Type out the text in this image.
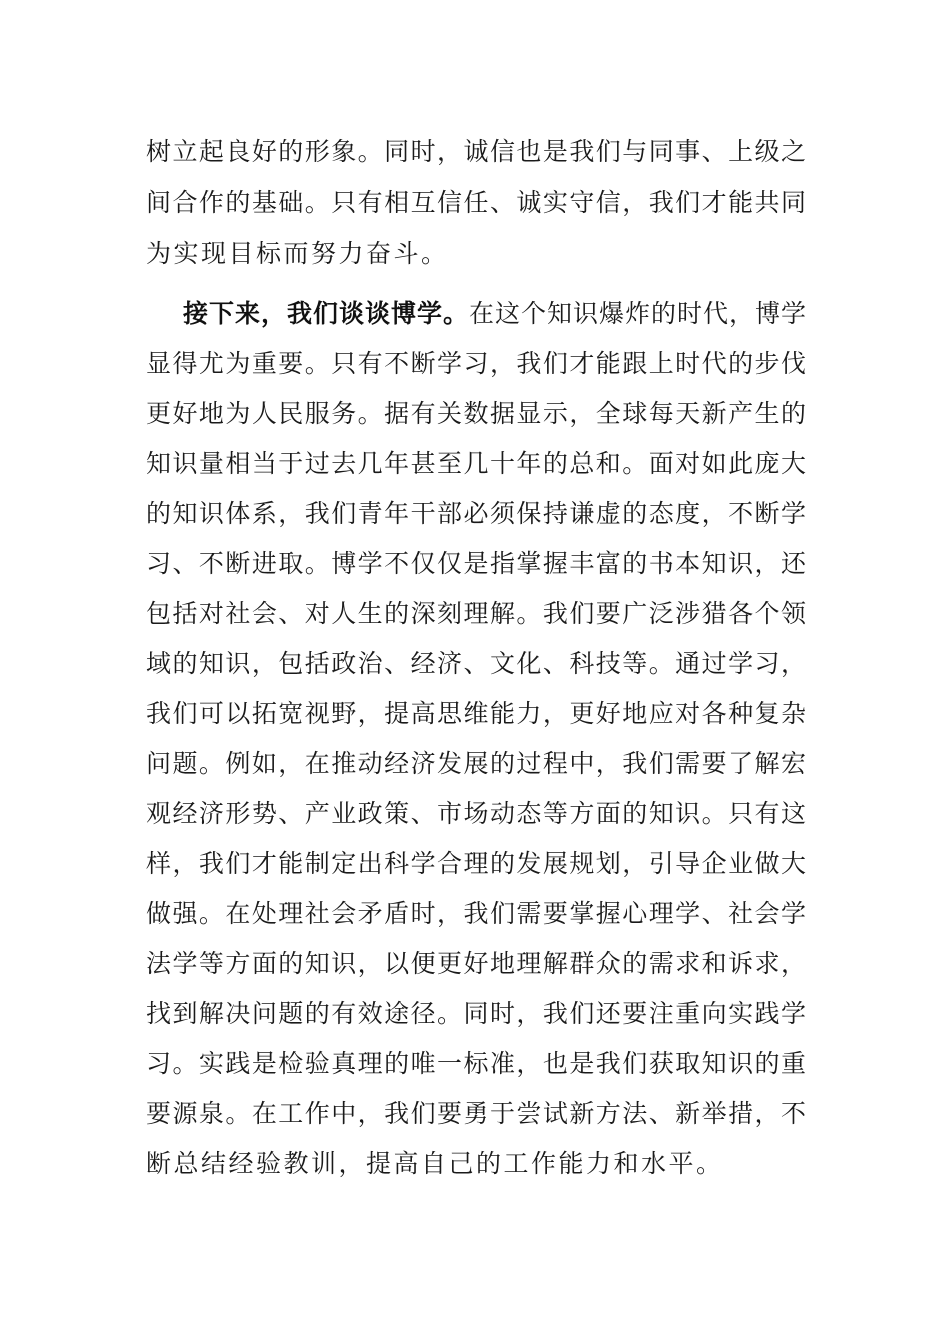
树立起良好的形象。同时，诚信也是我们与同事、上级之
间合作的基础。只有相互信任、诚实守信，我们才能共同
为实现目标而努力奋斗。
接下来，我们谈谈博学。在这个知识爆炸的时代，博学
显得尤为重要。只有不断学习，我们才能跟上时代的步伐
更好地为人民服务。据有关数据显示，全球每天新产生的
知识量相当于过去几年甚至几十年的总和。面对如此庞大
的知识体系，我们青年干部必须保持谦虚的态度，不断学
习、不断进取。博学不仅仅是指掌握丰富的书本知识，还
包括对社会、对人生的深刻理解。我们要广泛涉猎各个领
域的知识，包括政治、经济、文化、科技等。通过学习，
我们可以拓宽视野，提高思维能力，更好地应对各种复杂
问题。例如，在推动经济发展的过程中，我们需要了解宏
观经济形势、产业政策、市场动态等方面的知识。只有这
样，我们才能制定出科学合理的发展规划，引导企业做大
做强。在处理社会矛盾时，我们需要掌握心理学、社会学
法学等方面的知识，以便更好地理解群众的需求和诉求，
找到解决问题的有效途径。同时，我们还要注重向实践学
习。实践是检验真理的唯一标准，也是我们获取知识的重
要源泉。在工作中，我们要勇于尝试新方法、新举措，不
断总结经验教训，提高自己的工作能力和水平。
